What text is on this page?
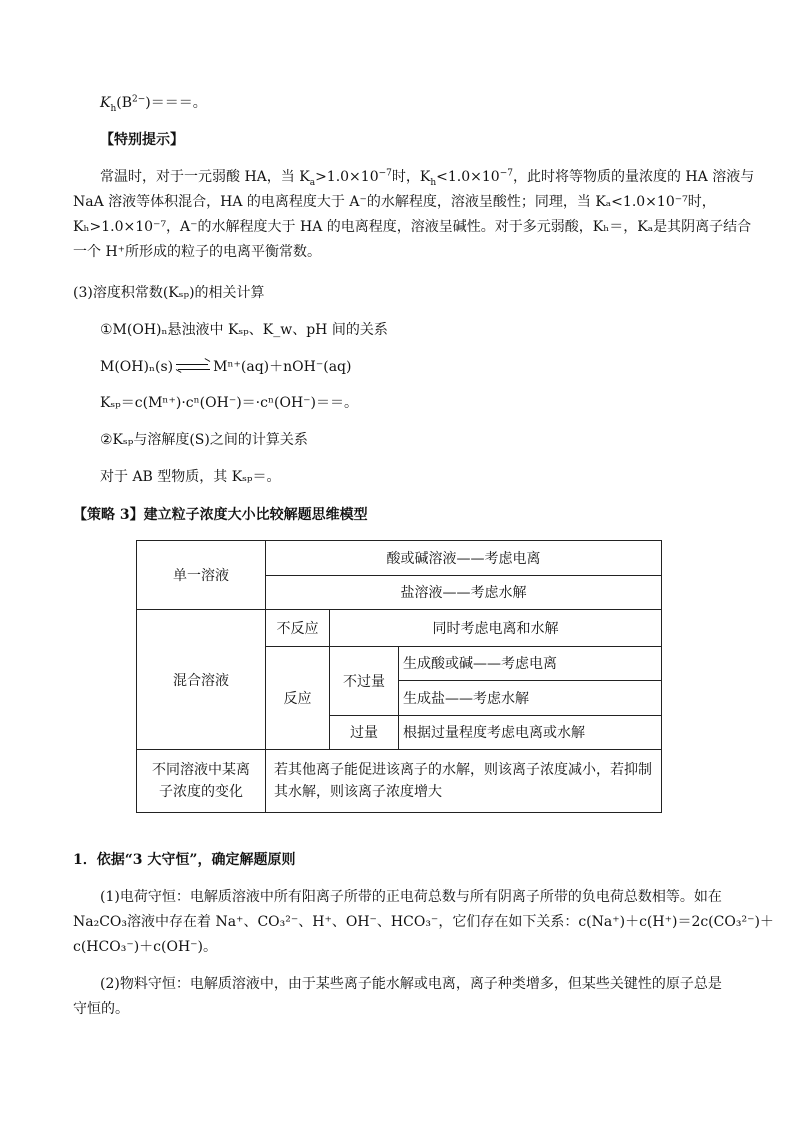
$K_h(B^{2-})===$。
【特别提示】
常温时，对于一元弱酸 HA，当 $K_a>1.0\times 10^{-7}$时，$K_h<1.0\times 10^{-7}$，此时将等物质的量浓度的 HA 溶液与
NaA 溶液等体积混合，HA 的电离程度大于 A⁻的水解程度，溶液呈酸性；同理，当 Kₐ<1.0×10⁻⁷时，
Kₕ>1.0×10⁻⁷，A⁻的水解程度大于 HA 的电离程度，溶液呈碱性。对于多元弱酸，Kₕ＝，Kₐ是其阴离子结合
一个 H⁺所形成的粒子的电离平衡常数。
(3)溶度积常数(Kₛₚ)的相关计算
①M(OH)ₙ悬浊液中 Kₛₚ、K_w、pH 间的关系
M(OH)ₙ(s)	Mⁿ⁺(aq)＋nOH⁻(aq)
Kₛₚ＝c(Mⁿ⁺)·cⁿ(OH⁻)＝·cⁿ(OH⁻)＝＝。
②Kₛₚ与溶解度(S)之间的计算关系
对于 AB 型物质，其 Kₛₚ＝。
【策略 3】建立粒子浓度大小比较解题思维模型
单一溶液	酸或碱溶液——考虑电离		
	盐溶液——考虑水解		
混合溶液	不反应	同时考虑电离和水解	
	反应	不过量	生成酸或碱——考虑电离
			生成盐——考虑水解
		过量	根据过量程度考虑电离或水解
不同溶液中某离子浓度的变化	若其他离子能促进该离子的水解，则该离子浓度减小，若抑制其水解，则该离子浓度增大		
1．依据“3 大守恒”，确定解题原则
(1)电荷守恒：电解质溶液中所有阳离子所带的正电荷总数与所有阴离子所带的负电荷总数相等。如在
Na₂CO₃溶液中存在着 Na⁺、CO₃²⁻、H⁺、OH⁻、HCO₃⁻，它们存在如下关系：c(Na⁺)＋c(H⁺)＝2c(CO₃²⁻)＋
c(HCO₃⁻)＋c(OH⁻)。
(2)物料守恒：电解质溶液中，由于某些离子能水解或电离，离子种类增多，但某些关键性的原子总是
守恒的。
